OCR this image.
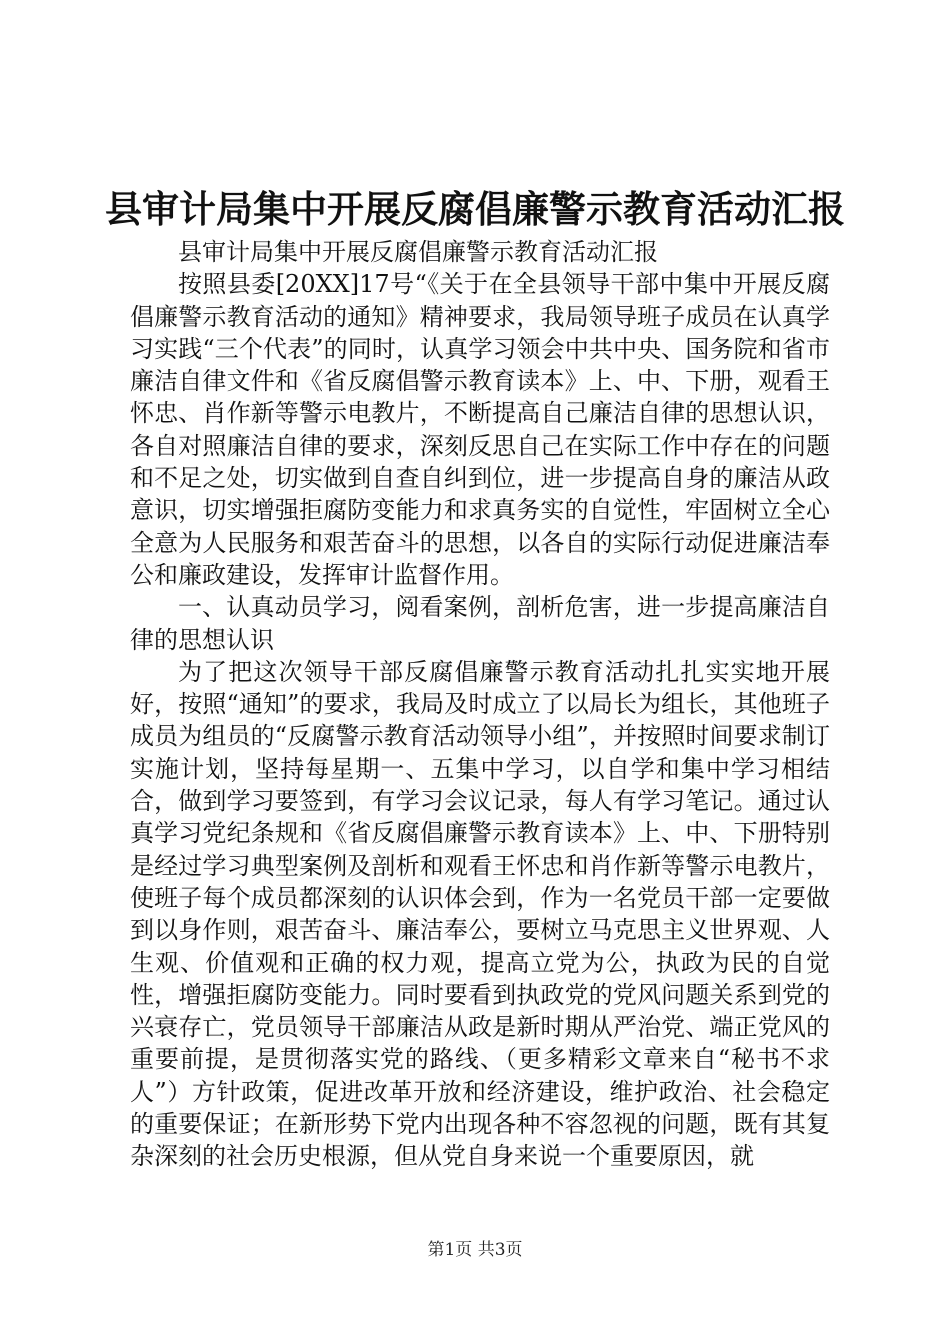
县审计局集中开展反腐倡廉警示教育活动汇报

县审计局集中开展反腐倡廉警示教育活动汇报

按照县委[20XX]17号“《关于在全县领导干部中集中开展反腐倡廉警示教育活动的通知》精神要求，我局领导班子成员在认真学习实践“三个代表”的同时，认真学习领会中共中央、国务院和省市廉洁自律文件和《省反腐倡警示教育读本》上、中、下册，观看王怀忠、肖作新等警示电教片，不断提高自己廉洁自律的思想认识，各自对照廉洁自律的要求，深刻反思自己在实际工作中存在的问题和不足之处，切实做到自查自纠到位，进一步提高自身的廉洁从政意识，切实增强拒腐防变能力和求真务实的自觉性，牢固树立全心全意为人民服务和艰苦奋斗的思想，以各自的实际行动促进廉洁奉公和廉政建设，发挥审计监督作用。

一、认真动员学习，阅看案例，剖析危害，进一步提高廉洁自律的思想认识

为了把这次领导干部反腐倡廉警示教育活动扎扎实实地开展好，按照“通知”的要求，我局及时成立了以局长为组长，其他班子成员为组员的“反腐警示教育活动领导小组”，并按照时间要求制订实施计划，坚持每星期一、五集中学习，以自学和集中学习相结合，做到学习要签到，有学习会议记录，每人有学习笔记。通过认真学习党纪条规和《省反腐倡廉警示教育读本》上、中、下册特别是经过学习典型案例及剖析和观看王怀忠和肖作新等警示电教片，使班子每个成员都深刻的认识体会到，作为一名党员干部一定要做到以身作则，艰苦奋斗、廉洁奉公，要树立马克思主义世界观、人生观、价值观和正确的权力观，提高立党为公，执政为民的自觉性，增强拒腐防变能力。同时要看到执政党的党风问题关系到党的兴衰存亡，党员领导干部廉洁从政是新时期从严治党、端正党风的重要前提，是贯彻落实党的路线、（更多精彩文章来自“秘书不求人”）方针政策，促进改革开放和经济建设，维护政治、社会稳定的重要保证；在新形势下党内出现各种不容忽视的问题，既有其复杂深刻的社会历史根源，但从党自身来说一个重要原因，就

第1页 共3页
